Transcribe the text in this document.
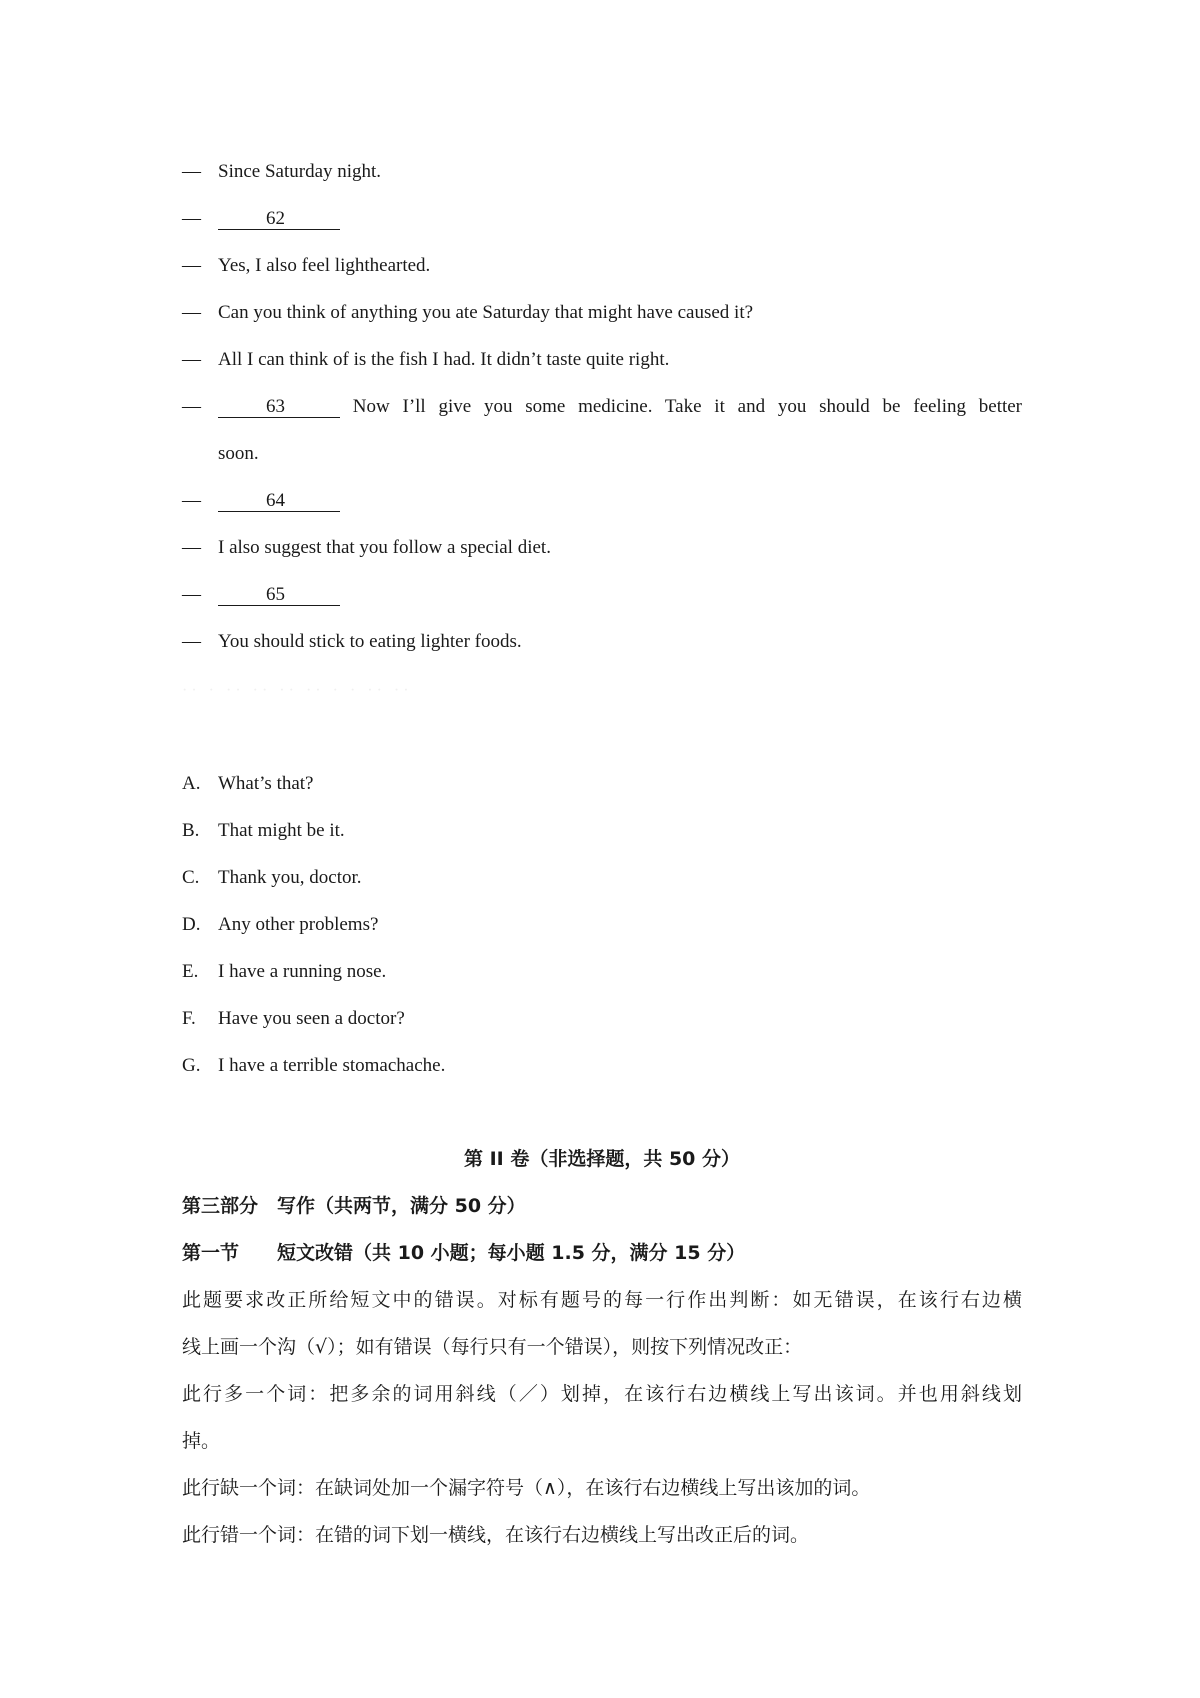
— Since Saturday night.
—	62
— Yes, I also feel lighthearted.
— Can you think of anything you ate Saturday that might have caused it?
— All I can think of is the fish I had. It didn’t taste quite right.
—	63	Now I’ll give you some medicine. Take it and you should be feeling better
soon.
—	64
— I also suggest that you follow a special diet.
—	65
— You should stick to eating lighter foods.
·· · ·· ·· ·· ·· · · ·· ··
A. What’s that?
B. That might be it.
C. Thank you, doctor.
D. Any other problems?
E.	I have a running nose.
F.	Have you seen a doctor?
G. I have a terrible stomachache.
第 II 卷（非选择题，共 50 分）
第三部分　写作（共两节，满分 50 分）
第一节　　短文改错（共 10 小题；每小题 1.5 分，满分 15 分）
此题要求改正所给短文中的错误。对标有题号的每一行作出判断：如无错误，在该行右边横
线上画一个沟（√）；如有错误（每行只有一个错误），则按下列情况改正：
此行多一个词：把多余的词用斜线（／）划掉，在该行右边横线上写出该词。并也用斜线划
掉。
此行缺一个词：在缺词处加一个漏字符号（∧），在该行右边横线上写出该加的词。
此行错一个词：在错的词下划一横线，在该行右边横线上写出改正后的词。
